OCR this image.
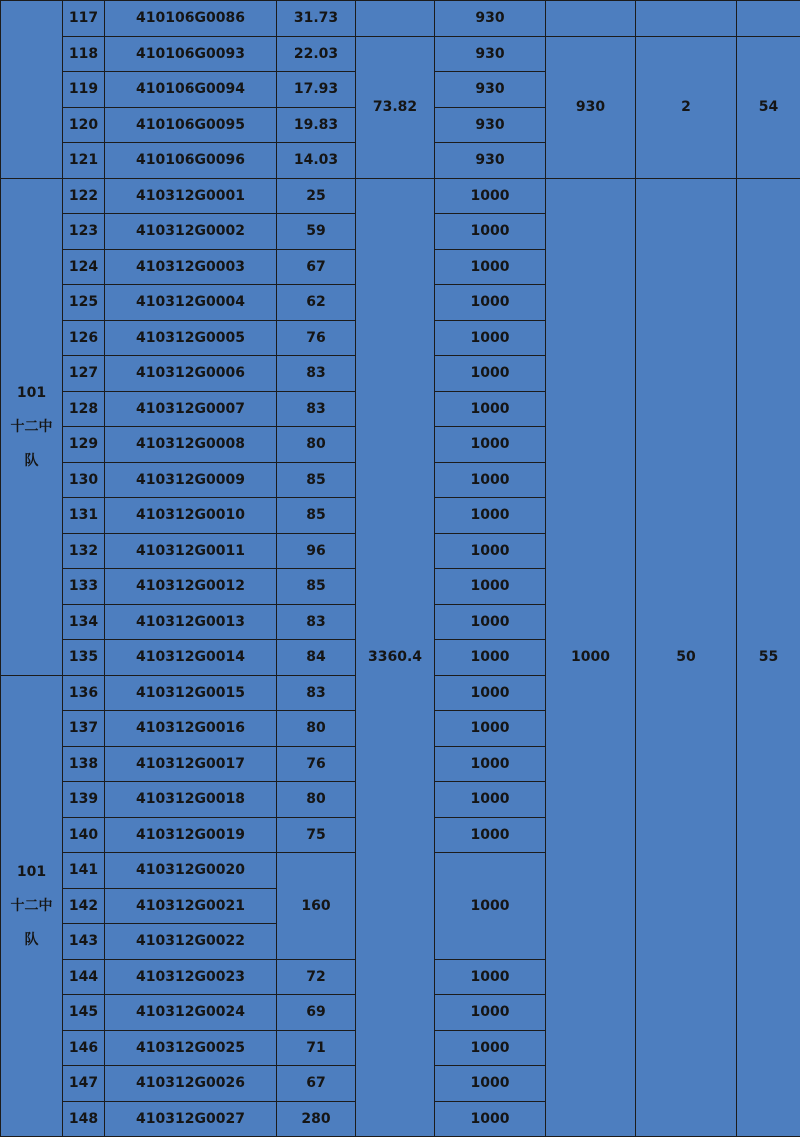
	117	410106G0086	31.73		930			
	118	410106G0093	22.03	73.82	930	930	2	54
	119	410106G0094	17.93		930			
	120	410106G0095	19.83		930			
	121	410106G0096	14.03		930			

101
十二中
队	122	410312G0001	25	3360.4	1000	1000	50	55
	123	410312G0002	59		1000			
	124	410312G0003	67		1000			
	125	410312G0004	62		1000			
	126	410312G0005	76		1000			
	127	410312G0006	83		1000			
	128	410312G0007	83		1000			
	129	410312G0008	80		1000			
	130	410312G0009	85		1000			
	131	410312G0010	85		1000			
	132	410312G0011	96		1000			
	133	410312G0012	85		1000			
	134	410312G0013	83		1000			
	135	410312G0014	84		1000			

101
十二中
队	136	410312G0015	83		1000			
	137	410312G0016	80		1000			
	138	410312G0017	76		1000			
	139	410312G0018	80		1000			
	140	410312G0019	75		1000			
	141	410312G0020	160		1000			
	142	410312G0021						
	143	410312G0022						
	144	410312G0023	72		1000			
	145	410312G0024	69		1000			
	146	410312G0025	71		1000			
	147	410312G0026	67		1000			
	148	410312G0027	280		1000			
